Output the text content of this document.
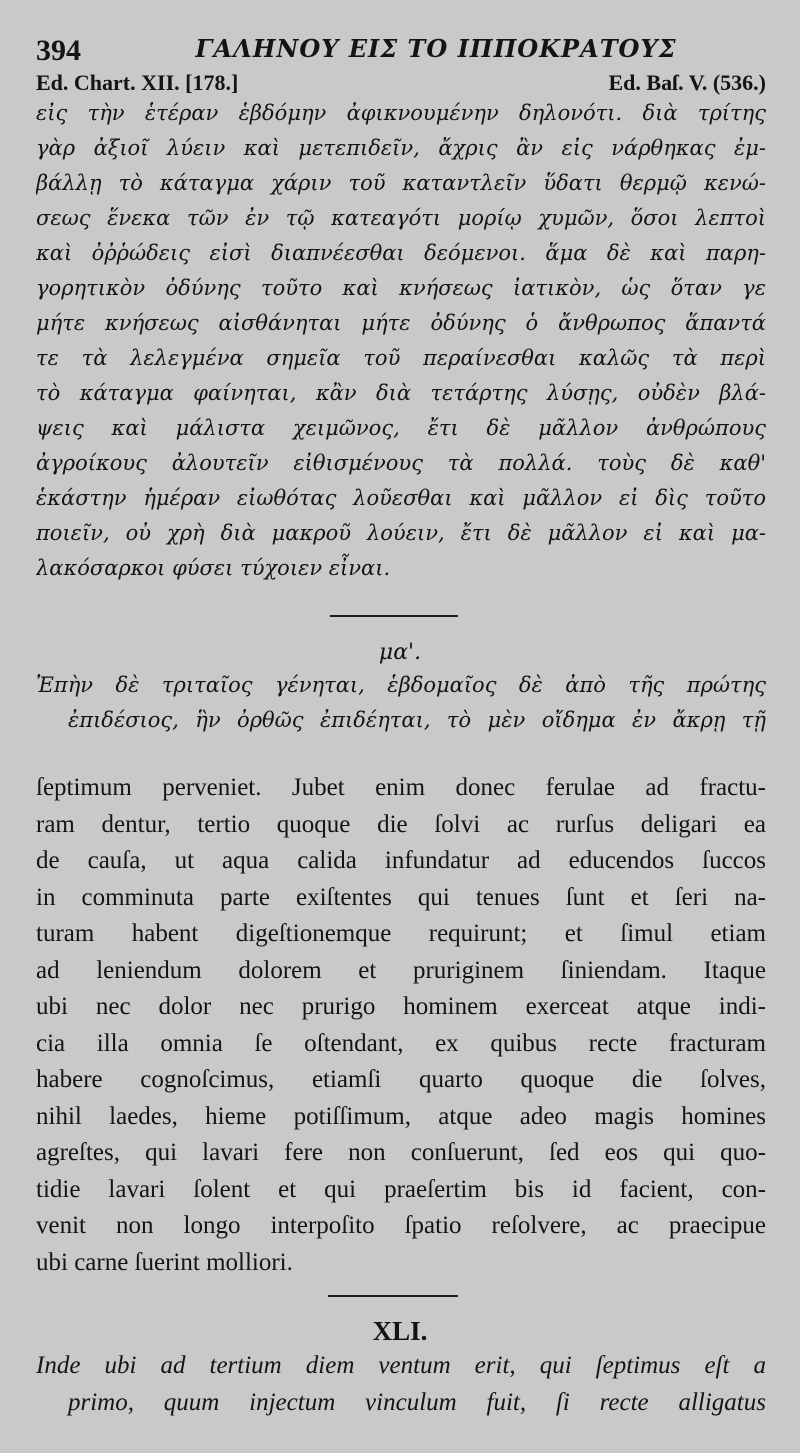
394	ΓΑΛΗΝΟΥ ΕΙΣ ΤΟ ΙΠΠΟΚΡΑΤΟΥΣ
Ed. Chart. XII. [178.]	Ed. Baſ. V. (536.)
εἰς τὴν ἑτέραν ἑβδόμην ἀφικνουμένην δηλονότι. διὰ τρίτης
γὰρ ἀξιοῖ λύειν καὶ μετεπιδεῖν, ἄχρις ἂν εἰς νάρθηκας ἐμ-
βάλλῃ τὸ κάταγμα χάριν τοῦ καταντλεῖν ὕδατι θερμῷ κενώ-
σεως ἕνεκα τῶν ἐν τῷ κατεαγότι μορίῳ χυμῶν, ὅσοι λεπτοὶ
καὶ ὀῤῥώδεις εἰσὶ διαπνέεσθαι δεόμενοι. ἅμα δὲ καὶ παρη-
γορητικὸν ὀδύνης τοῦτο καὶ κνήσεως ἰατικὸν, ὡς ὅταν γε
μήτε κνήσεως αἰσθάνηται μήτε ὀδύνης ὁ ἄνθρωπος ἅπαντά
τε τὰ λελεγμένα σημεῖα τοῦ περαίνεσθαι καλῶς τὰ περὶ
τὸ κάταγμα φαίνηται, κἂν διὰ τετάρτης λύσῃς, οὐδὲν βλά-
ψεις καὶ μάλιστα χειμῶνος, ἔτι δὲ μᾶλλον ἀνθρώπους
ἀγροίκους ἀλουτεῖν εἰθισμένους τὰ πολλά. τοὺς δὲ καθ'
ἑκάστην ἡμέραν εἰωθότας λοῦεσθαι καὶ μᾶλλον εἰ δὶς τοῦτο
ποιεῖν, οὐ χρὴ διὰ μακροῦ λούειν, ἔτι δὲ μᾶλλον εἰ καὶ μα-
λακόσαρκοι φύσει τύχοιεν εἶναι.
μα'.
Ἐπὴν δὲ τριταῖος γένηται, ἑβδομαῖος δὲ ἀπὸ τῆς πρώτης
ἐπιδέσιος, ἣν ὀρθῶς ἐπιδέηται, τὸ μὲν οἴδημα ἐν ἄκρῃ τῇ
ſeptimum perveniet. Jubet enim donec ferulae ad fractu-
ram dentur, tertio quoque die ſolvi ac rurſus deligari ea
de cauſa, ut aqua calida infundatur ad educendos ſuccos
in comminuta parte exiſtentes qui tenues ſunt et ſeri na-
turam habent digeſtionemque requirunt; et ſimul etiam
ad leniendum dolorem et pruriginem ſiniendam. Itaque
ubi nec dolor nec prurigo hominem exerceat atque indi-
cia illa omnia ſe oſtendant, ex quibus recte fracturam
habere cognoſcimus, etiamſi quarto quoque die ſolves,
nihil laedes, hieme potiſſimum, atque adeo magis homines
agreſtes, qui lavari fere non conſuerunt, ſed eos qui quo-
tidie lavari ſolent et qui praeſertim bis id facient, con-
venit non longo interpoſito ſpatio reſolvere, ac praecipue
ubi carne ſuerint molliori.
XLI.
Inde ubi ad tertium diem ventum erit, qui ſeptimus eſt a
primo, quum injectum vinculum fuit, ſi recte alligatus
